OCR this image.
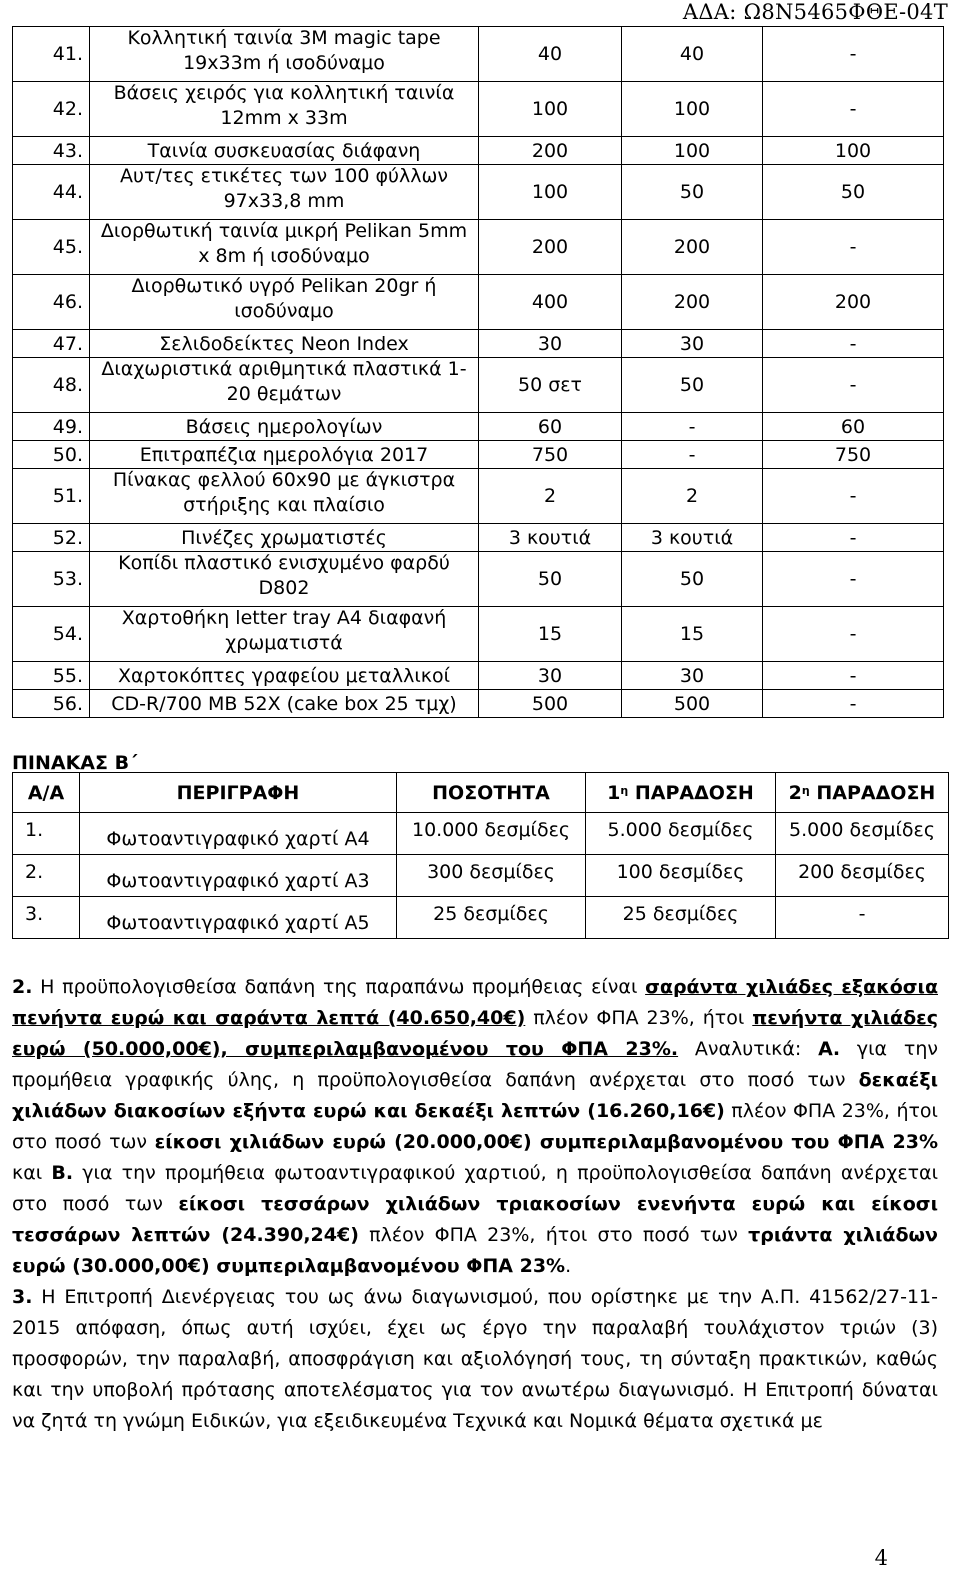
ΑΔΑ: Ω8Ν5465ΦΘΕ-04Τ
41.	Κολλητική ταινία 3M magic tape
19x33m ή ισοδύναμο	40	40	-
42.	Βάσεις χειρός για κολλητική ταινία
12mm x 33m	100	100	-
43.	Ταινία συσκευασίας διάφανη	200	100	100
44.	Αυτ/τες ετικέτες των 100 φύλλων
97x33,8 mm	100	50	50
45.	Διορθωτική ταινία μικρή Pelikan 5mm
x 8m ή ισοδύναμο	200	200	-
46.	Διορθωτικό υγρό Pelikan 20gr ή
ισοδύναμο	400	200	200
47.	Σελιδοδείκτες Neon Index	30	30	-
48.	Διαχωριστικά αριθμητικά πλαστικά 1-
20 θεμάτων	50 σετ	50	-
49.	Βάσεις ημερολογίων	60	-	60
50.	Επιτραπέζια ημερολόγια 2017	750	-	750
51.	Πίνακας φελλού 60x90 με άγκιστρα
στήριξης και πλαίσιο	2	2	-
52.	Πινέζες χρωματιστές	3 κουτιά	3 κουτιά	-
53.	Κοπίδι πλαστικό ενισχυμένο φαρδύ
D802	50	50	-
54.	Χαρτοθήκη letter tray A4 διαφανή
χρωματιστά	15	15	-
55.	Χαρτοκόπτες γραφείου μεταλλικοί	30	30	-
56.	CD-R/700 MB 52X (cake box 25 τμχ)	500	500	-
ΠΙΝΑΚΑΣ Β΄
Α/Α	ΠΕΡΙΓΡΑΦΗ	ΠΟΣΟΤΗΤΑ	$1^\eta$ ΠΑΡΑΔΟΣΗ	$2^\eta$ ΠΑΡΑΔΟΣΗ
1.	Φωτοαντιγραφικό χαρτί Α4	10.000 δεσμίδες	5.000 δεσμίδες	5.000 δεσμίδες
2.	Φωτοαντιγραφικό χαρτί Α3	300 δεσμίδες	100 δεσμίδες	200 δεσμίδες
3.	Φωτοαντιγραφικό χαρτί Α5	25 δεσμίδες	25 δεσμίδες	-

2. Η προϋπολογισθείσα δαπάνη της παραπάνω προμήθειας είναι σαράντα χιλιάδες εξακόσια πενήντα ευρώ και σαράντα λεπτά (40.650,40€) πλέον ΦΠΑ 23%, ήτοι πενήντα χιλιάδες ευρώ (50.000,00€), συμπεριλαμβανομένου του ΦΠΑ 23%. Αναλυτικά: Α. για την προμήθεια γραφικής ύλης, η προϋπολογισθείσα δαπάνη ανέρχεται στο ποσό των δεκαέξι χιλιάδων διακοσίων εξήντα ευρώ και δεκαέξι λεπτών (16.260,16€) πλέον ΦΠΑ 23%, ήτοι στο ποσό των είκοσι χιλιάδων ευρώ (20.000,00€) συμπεριλαμβανομένου του ΦΠΑ 23% και Β. για την προμήθεια φωτοαντιγραφικού χαρτιού, η προϋπολογισθείσα δαπάνη ανέρχεται στο ποσό των είκοσι τεσσάρων χιλιάδων τριακοσίων ενενήντα ευρώ και είκοσι τεσσάρων λεπτών (24.390,24€) πλέον ΦΠΑ 23%, ήτοι στο ποσό των τριάντα χιλιάδων ευρώ (30.000,00€) συμπεριλαμβανομένου ΦΠΑ 23%.

3. Η Επιτροπή Διενέργειας του ως άνω διαγωνισμού, που ορίστηκε με την Α.Π. 41562/27-11-2015 απόφαση, όπως αυτή ισχύει, έχει ως έργο την παραλαβή τουλάχιστον τριών (3) προσφορών, την παραλαβή, αποσφράγιση και αξιολόγησή τους, τη σύνταξη πρακτικών, καθώς και την υποβολή πρότασης αποτελέσματος για τον ανωτέρω διαγωνισμό. Η Επιτροπή δύναται να ζητά τη γνώμη Ειδικών, για εξειδικευμένα Τεχνικά και Νομικά θέματα σχετικά με

4
